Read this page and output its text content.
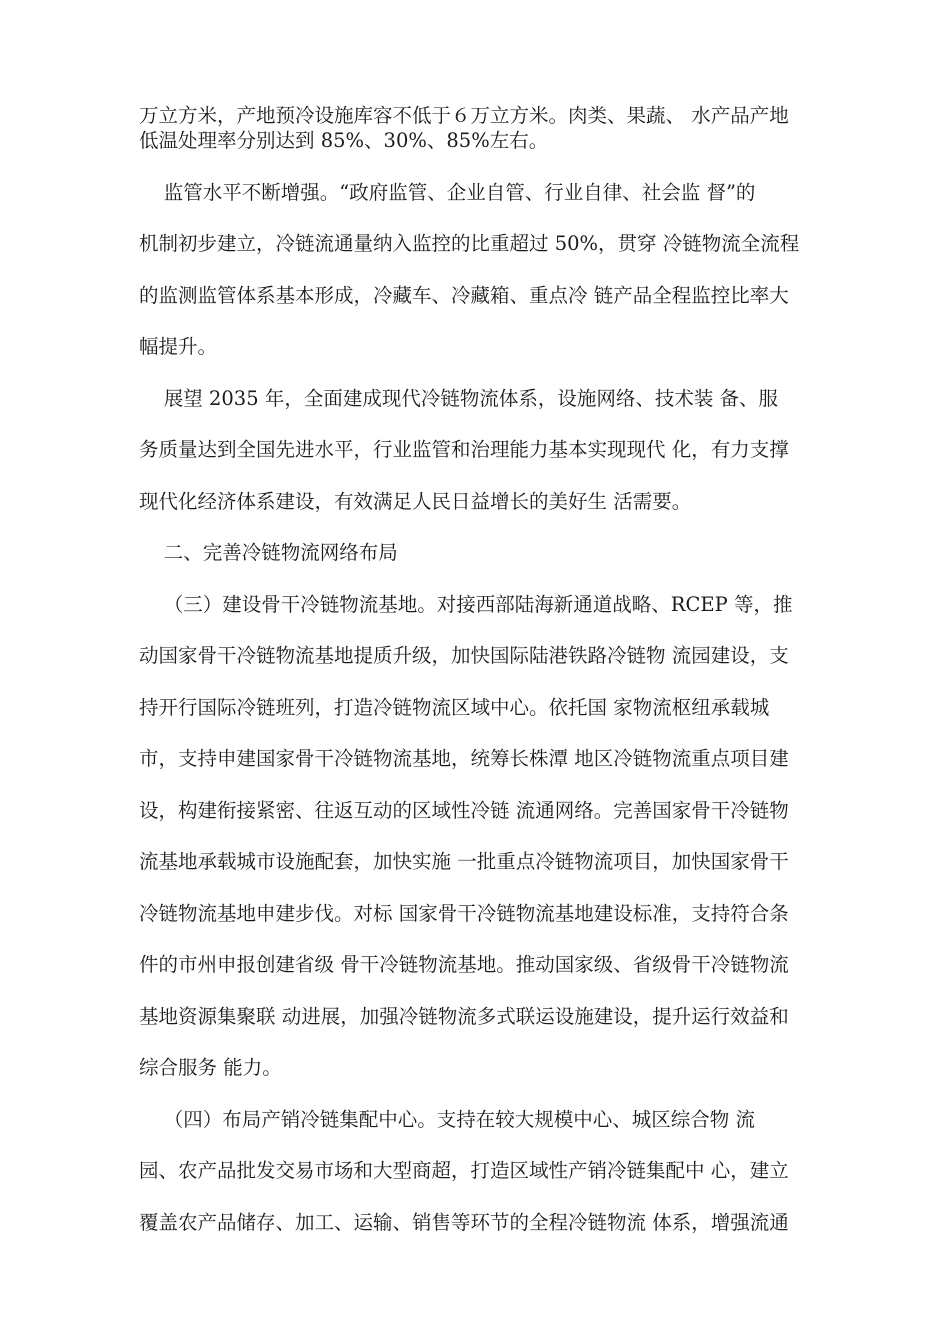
万立方米，产地预冷设施库容不低于６万立方米。肉类、果蔬、 水产品产地
低温处理率分别达到 85%、30%、85%左右。
监管水平不断增强。“政府监管、企业自管、行业自律、社会监 督”的
机制初步建立，冷链流通量纳入监控的比重超过 50%，贯穿 冷链物流全流程
的监测监管体系基本形成，冷藏车、冷藏箱、重点冷 链产品全程监控比率大
幅提升。
展望 2035 年，全面建成现代冷链物流体系，设施网络、技术装 备、服
务质量达到全国先进水平，行业监管和治理能力基本实现现代 化，有力支撑
现代化经济体系建设，有效满足人民日益增长的美好生 活需要。
二、完善冷链物流网络布局
（三）建设骨干冷链物流基地。对接西部陆海新通道战略、RCEP 等，推
动国家骨干冷链物流基地提质升级，加快国际陆港铁路冷链物 流园建设，支
持开行国际冷链班列，打造冷链物流区域中心。依托国 家物流枢纽承载城
市，支持申建国家骨干冷链物流基地，统筹长株潭 地区冷链物流重点项目建
设，构建衔接紧密、往返互动的区域性冷链 流通网络。完善国家骨干冷链物
流基地承载城市设施配套，加快实施 一批重点冷链物流项目，加快国家骨干
冷链物流基地申建步伐。对标 国家骨干冷链物流基地建设标准，支持符合条
件的市州申报创建省级 骨干冷链物流基地。推动国家级、省级骨干冷链物流
基地资源集聚联 动进展，加强冷链物流多式联运设施建设，提升运行效益和
综合服务 能力。
（四）布局产销冷链集配中心。支持在较大规模中心、城区综合物 流
园、农产品批发交易市场和大型商超，打造区域性产销冷链集配中 心，建立
覆盖农产品储存、加工、运输、销售等环节的全程冷链物流 体系，增强流通
